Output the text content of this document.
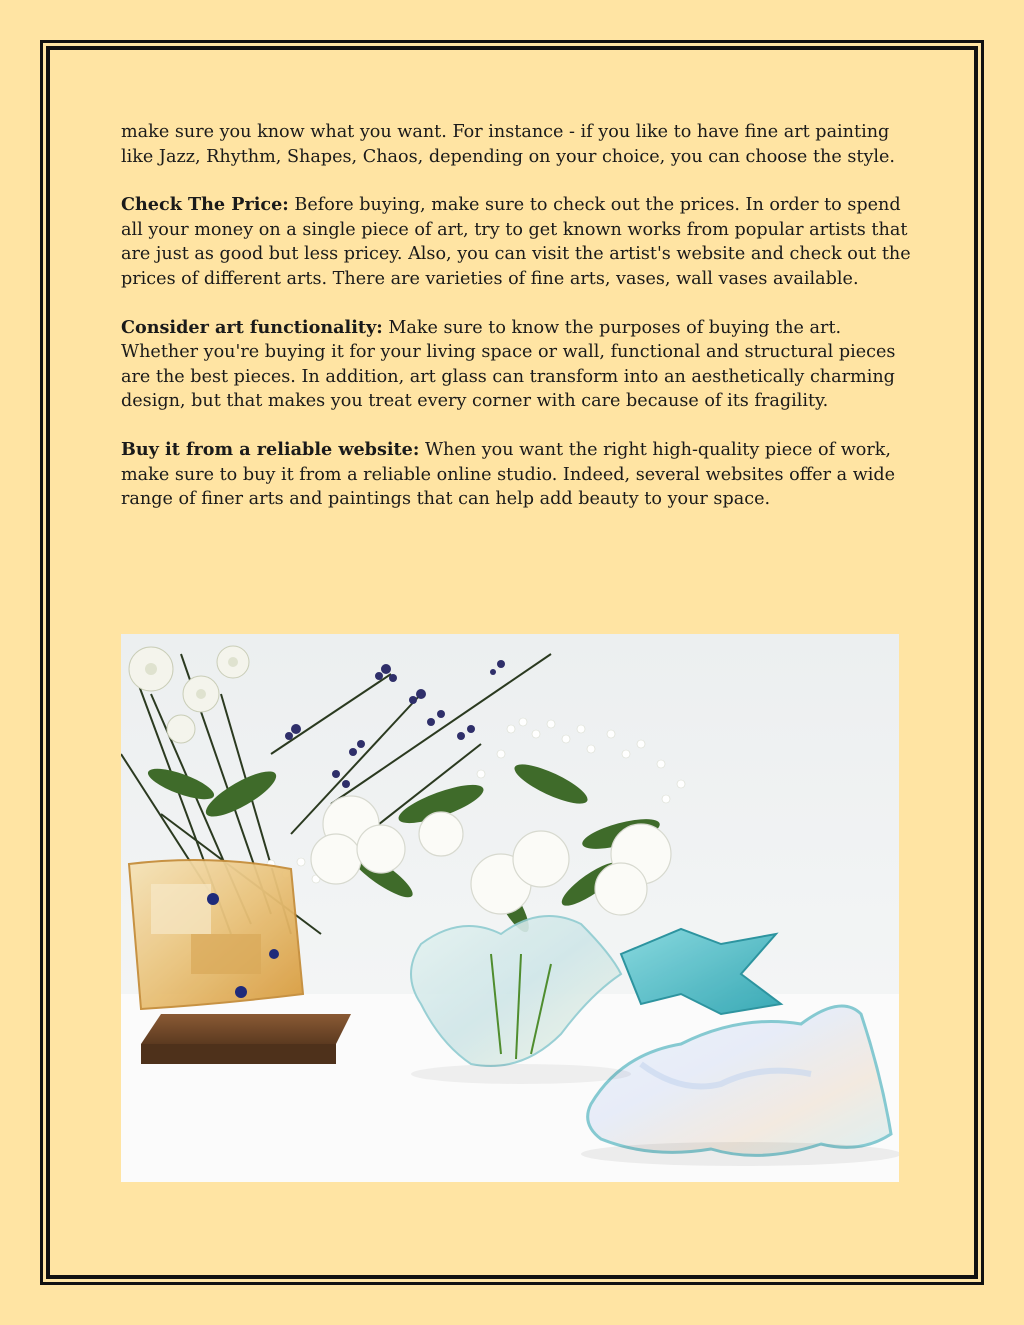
make sure you know what you want. For instance - if you like to have fine art painting like Jazz, Rhythm, Shapes, Chaos, depending on your choice, you can choose the style.

Check The Price: Before buying, make sure to check out the prices. In order to spend all your money on a single piece of art, try to get known works from popular artists that are just as good but less pricey. Also, you can visit the artist's website and check out the prices of different arts. There are varieties of fine arts, vases, wall vases available.

Consider art functionality: Make sure to know the purposes of buying the art. Whether you're buying it for your living space or wall, functional and structural pieces are the best pieces. In addition, art glass can transform into an aesthetically charming design, but that makes you treat every corner with care because of its fragility.

Buy it from a reliable website: When you want the right high-quality piece of work, make sure to buy it from a reliable online studio. Indeed, several websites offer a wide range of finer arts and paintings that can help add beauty to your space.
